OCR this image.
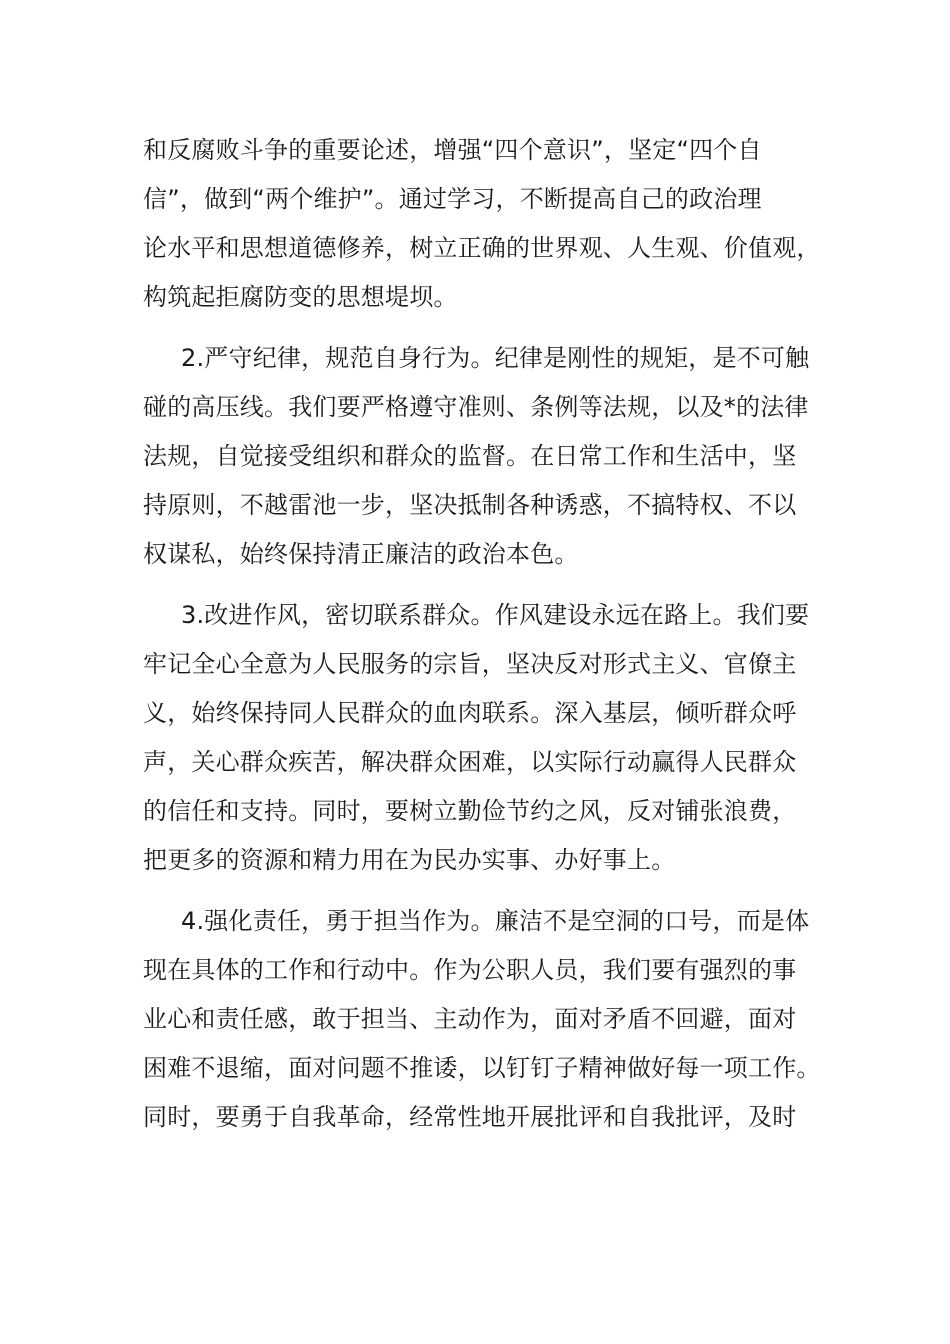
和反腐败斗争的重要论述，增强“四个意识”，坚定“四个自
信”，做到“两个维护”。通过学习，不断提高自己的政治理
论水平和思想道德修养，树立正确的世界观、人生观、价值观，
构筑起拒腐防变的思想堤坝。
2.严守纪律，规范自身行为。纪律是刚性的规矩，是不可触
碰的高压线。我们要严格遵守准则、条例等法规，以及*的法律
法规，自觉接受组织和群众的监督。在日常工作和生活中，坚
持原则，不越雷池一步，坚决抵制各种诱惑，不搞特权、不以
权谋私，始终保持清正廉洁的政治本色。
3.改进作风，密切联系群众。作风建设永远在路上。我们要
牢记全心全意为人民服务的宗旨，坚决反对形式主义、官僚主
义，始终保持同人民群众的血肉联系。深入基层，倾听群众呼
声，关心群众疾苦，解决群众困难，以实际行动赢得人民群众
的信任和支持。同时，要树立勤俭节约之风，反对铺张浪费，
把更多的资源和精力用在为民办实事、办好事上。
4.强化责任，勇于担当作为。廉洁不是空洞的口号，而是体
现在具体的工作和行动中。作为公职人员，我们要有强烈的事
业心和责任感，敢于担当、主动作为，面对矛盾不回避，面对
困难不退缩，面对问题不推诿，以钉钉子精神做好每一项工作。
同时，要勇于自我革命，经常性地开展批评和自我批评，及时
